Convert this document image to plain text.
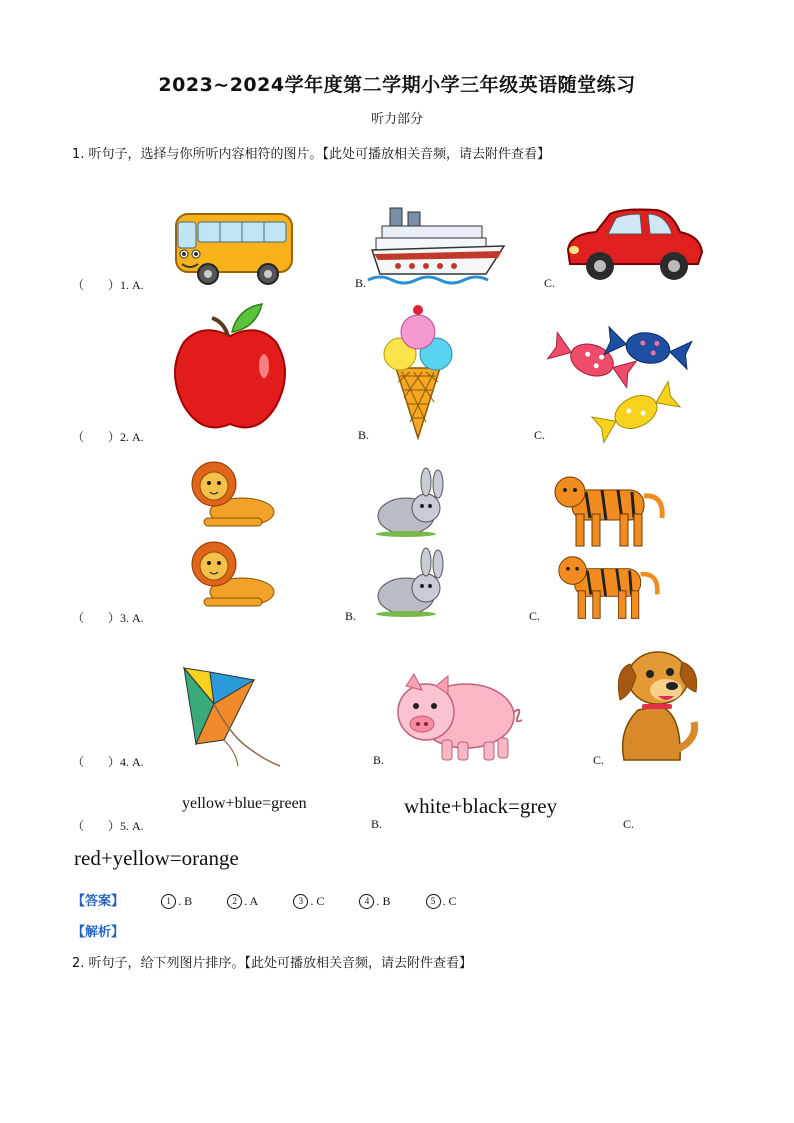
2023~2024学年度第二学期小学三年级英语随堂练习
听力部分
1. 听句子，选择与你所听内容相符的图片。【此处可播放相关音频，请去附件查看】
（　　）1. A.	B.	C.
（　　）2. A.	B.	C.
（　　）3. A.	B.	C.
（　　）4. A.	B.	C.
（　　）5. A.
yellow+blue=green
B.
white+black=grey
C.
red+yellow=orange
【答案】	1 . B	2 . A	3 . C	4 . B	5 . C
【解析】
2. 听句子，给下列图片排序。【此处可播放相关音频，请去附件查看】
